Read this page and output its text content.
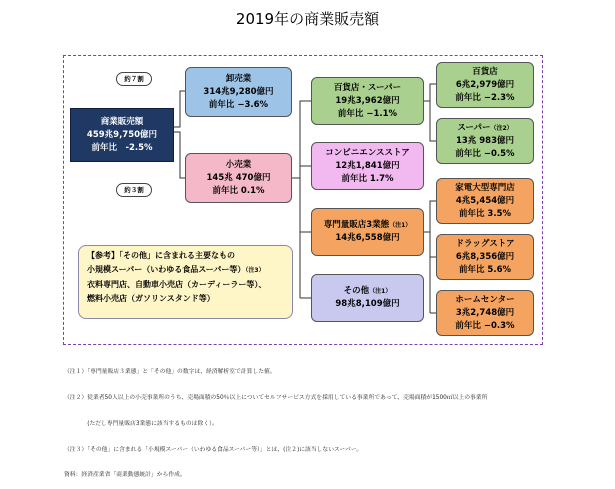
2019年の商業販売額
約７割
約３割
商業販売額
459兆9,750億円
前年比　-2.5%
卸売業
314兆9,280億円
前年比 −3.6%
小売業
145兆 470億円
前年比 0.1%
百貨店・スーパー
19兆3,962億円
前年比 −1.1%
コンビニエンスストア
12兆1,841億円
前年比 1.7%
専門量販店3業態（注1）
14兆6,558億円
その他（注1）
98兆8,109億円
百貨店
6兆2,979億円
前年比 −2.3%
スーパー（注2）
13兆 983億円
前年比 −0.5%
家電大型専門店
4兆5,454億円
前年比 3.5%
ドラッグストア
6兆8,356億円
前年比 5.6%
ホームセンター
3兆2,748億円
前年比 −0.3%
【参考】「その他」に含まれる主要なもの
小規模スーパー（いわゆる食品スーパー等）（注3）
衣料専門店、自動車小売店（カーディーラー等）、
燃料小売店（ガソリンスタンド等）

（注１）「専門量販店３業態」と「その他」の数字は、経済解析室で計算した値。

（注２）従業者50人以上の小売事業所のうち、売場面積の50％以上についてセルフサービス方式を採用している事業所であって、売場面積が1500㎡以上の事業所

　　　　(ただし専門量販店3業態に該当するものは除く）。

（注３）「その他」に含まれる「小規模スーパー（いわゆる食品スーパー等）」とは、(注２)に該当しないスーパー。

資料：経済産業省「商業動態統計」から作成。
